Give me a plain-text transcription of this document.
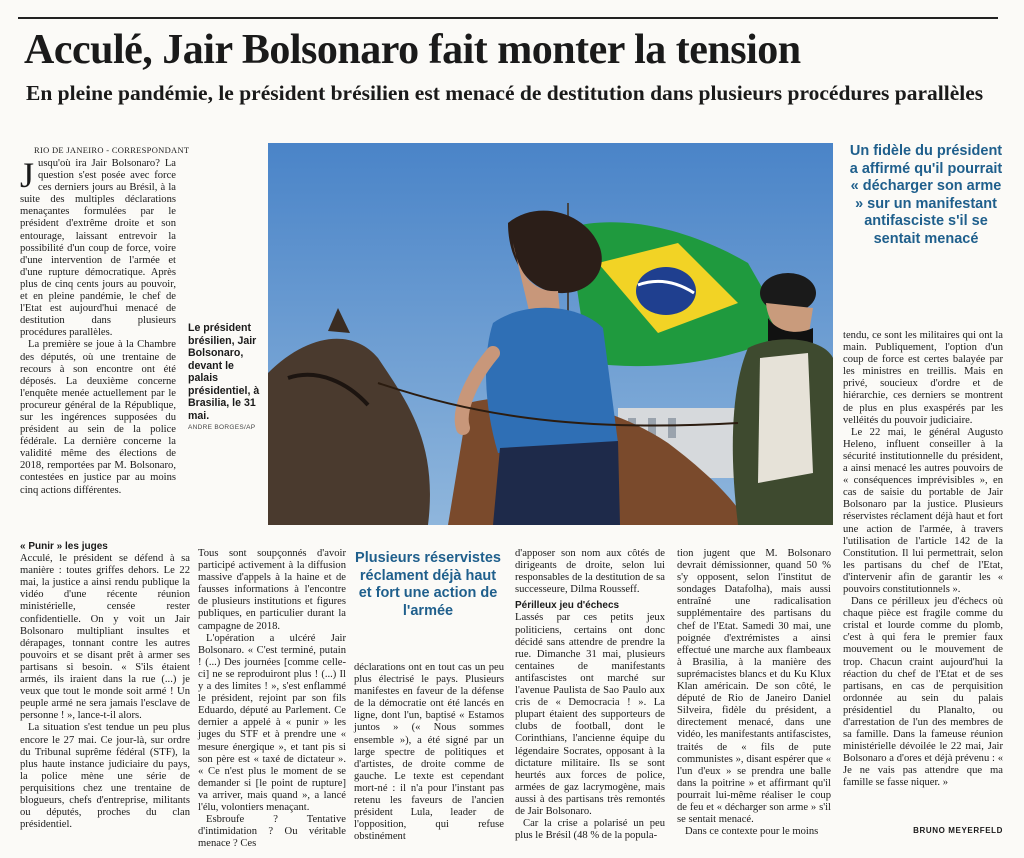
Acculé, Jair Bolsonaro fait monter la tension
En pleine pandémie, le président brésilien est menacé de destitution dans plusieurs procédures parallèles
RIO DE JANEIRO - CORRESPONDANT

Jusqu'où ira Jair Bolsonaro? La question s'est posée avec force ces derniers jours au Brésil, à la suite des multiples déclarations menaçantes formulées par le président d'extrême droite et son entourage, laissant entrevoir la possibilité d'un coup de force, voire d'une intervention de l'armée et d'une rupture démocratique. Après plus de cinq cents jours au pouvoir, et en pleine pandémie, le chef de l'Etat est aujourd'hui menacé de destitution dans plusieurs procédures parallèles.

La première se joue à la Chambre des députés, où une trentaine de recours à son encontre ont été déposés. La deuxième concerne l'enquête menée actuellement par le procureur général de la République, sur les ingérences supposées du président au sein de la police fédérale. La dernière concerne la validité même des élections de 2018, remportées par M. Bolsonaro, contestées en justice par au moins cinq actions différentes.

« Punir » les juges

Acculé, le président se défend à sa manière : toutes griffes dehors. Le 22 mai, la justice a ainsi rendu publique la vidéo d'une récente réunion ministérielle, censée rester confidentielle. On y voit un Jair Bolsonaro multipliant insultes et dérapages, tonnant contre les autres pouvoirs et se disant prêt à armer ses partisans si besoin. « S'ils étaient armés, ils iraient dans la rue (...) je veux que tout le monde soit armé ! Un peuple armé ne sera jamais l'esclave de personne ! », lance-t-il alors.

La situation s'est tendue un peu plus encore le 27 mai. Ce jour-là, sur ordre du Tribunal suprême fédéral (STF), la plus haute instance judiciaire du pays, la police mène une série de perquisitions chez une trentaine de blogueurs, chefs d'entreprise, militants ou députés, proches du clan présidentiel.

Le président brésilien, Jair Bolsonaro, devant le palais présidentiel, à Brasilia, le 31 mai.
ANDRE BORGES/AP
Un fidèle du président a affirmé qu'il pourrait « décharger son arme » sur un manifestant antifasciste s'il se sentait menacé

Tous sont soupçonnés d'avoir participé activement à la diffusion massive d'appels à la haine et de fausses informations à l'encontre de plusieurs institutions et figures publiques, en particulier durant la campagne de 2018.

L'opération a ulcéré Jair Bolsonaro. « C'est terminé, putain ! (...) Des journées [comme celle-ci] ne se reproduiront plus ! (...) Il y a des limites ! », s'est enflammé le président, rejoint par son fils Eduardo, député au Parlement. Ce dernier a appelé à « punir » les juges du STF et à prendre une « mesure énergique », et tant pis si son père est « taxé de dictateur ». « Ce n'est plus le moment de se demander si [le point de rupture] va arriver, mais quand », a lancé l'élu, volontiers menaçant.

Esbroufe ? Tentative d'intimidation ? Ou véritable menace ? Ces

Plusieurs réservistes réclament déjà haut et fort une action de l'armée

déclarations ont en tout cas un peu plus électrisé le pays. Plusieurs manifestes en faveur de la défense de la démocratie ont été lancés en ligne, dont l'un, baptisé « Estamos juntos » (« Nous sommes ensemble »), a été signé par un large spectre de politiques et d'artistes, de droite comme de gauche. Le texte est cependant mort-né : il n'a pour l'instant pas retenu les faveurs de l'ancien président Lula, leader de l'opposition, qui refuse obstinément

d'apposer son nom aux côtés de dirigeants de droite, selon lui responsables de la destitution de sa successeure, Dilma Rousseff.

Périlleux jeu d'échecs

Lassés par ces petits jeux politiciens, certains ont donc décidé sans attendre de prendre la rue. Dimanche 31 mai, plusieurs centaines de manifestants antifascistes ont marché sur l'avenue Paulista de Sao Paulo aux cris de « Democracia ! ». La plupart étaient des supporteurs de clubs de football, dont le Corinthians, l'ancienne équipe du légendaire Socrates, opposant à la dictature militaire. Ils se sont heurtés aux forces de police, armées de gaz lacrymogène, mais aussi à des partisans très remontés de Jair Bolsonaro.

Car la crise a polarisé un peu plus le Brésil (48 % de la popula-

tion jugent que M. Bolsonaro devrait démissionner, quand 50 % s'y opposent, selon l'institut de sondages Datafolha), mais aussi entraîné une radicalisation supplémentaire des partisans du chef de l'Etat. Samedi 30 mai, une poignée d'extrémistes a ainsi effectué une marche aux flambeaux à Brasilia, à la manière des suprémacistes blancs et du Ku Klux Klan américain. De son côté, le député de Rio de Janeiro Daniel Silveira, fidèle du président, a directement menacé, dans une vidéo, les manifestants antifascistes, traités de « fils de pute communistes », disant espérer que « l'un d'eux » se prendra une balle dans la poitrine » et affirmant qu'il pourrait lui-même réaliser le coup de feu et « décharger son arme » s'il se sentait menacé.

Dans ce contexte pour le moins

tendu, ce sont les militaires qui ont la main. Publiquement, l'option d'un coup de force est certes balayée par les ministres en treillis. Mais en privé, soucieux d'ordre et de hiérarchie, ces derniers se montrent de plus en plus exaspérés par les velléités du pouvoir judiciaire.

Le 22 mai, le général Augusto Heleno, influent conseiller à la sécurité institutionnelle du président, a ainsi menacé les autres pouvoirs de « conséquences imprévisibles », en cas de saisie du portable de Jair Bolsonaro par la justice. Plusieurs réservistes réclament déjà haut et fort une action de l'armée, à travers l'utilisation de l'article 142 de la Constitution. Il lui permettrait, selon les partisans du chef de l'Etat, d'intervenir afin de garantir les « pouvoirs constitutionnels ».

Dans ce périlleux jeu d'échecs où chaque pièce est fragile comme du cristal et lourde comme du plomb, c'est à qui fera le premier faux mouvement ou le mouvement de trop. Chacun craint aujourd'hui la réaction du chef de l'Etat et de ses partisans, en cas de perquisition ordonnée au sein du palais présidentiel du Planalto, ou d'arrestation de l'un des membres de sa famille. Dans la fameuse réunion ministérielle dévoilée le 22 mai, Jair Bolsonaro a d'ores et déjà prévenu : « Je ne vais pas attendre que ma famille se fasse niquer. »

BRUNO MEYERFELD
